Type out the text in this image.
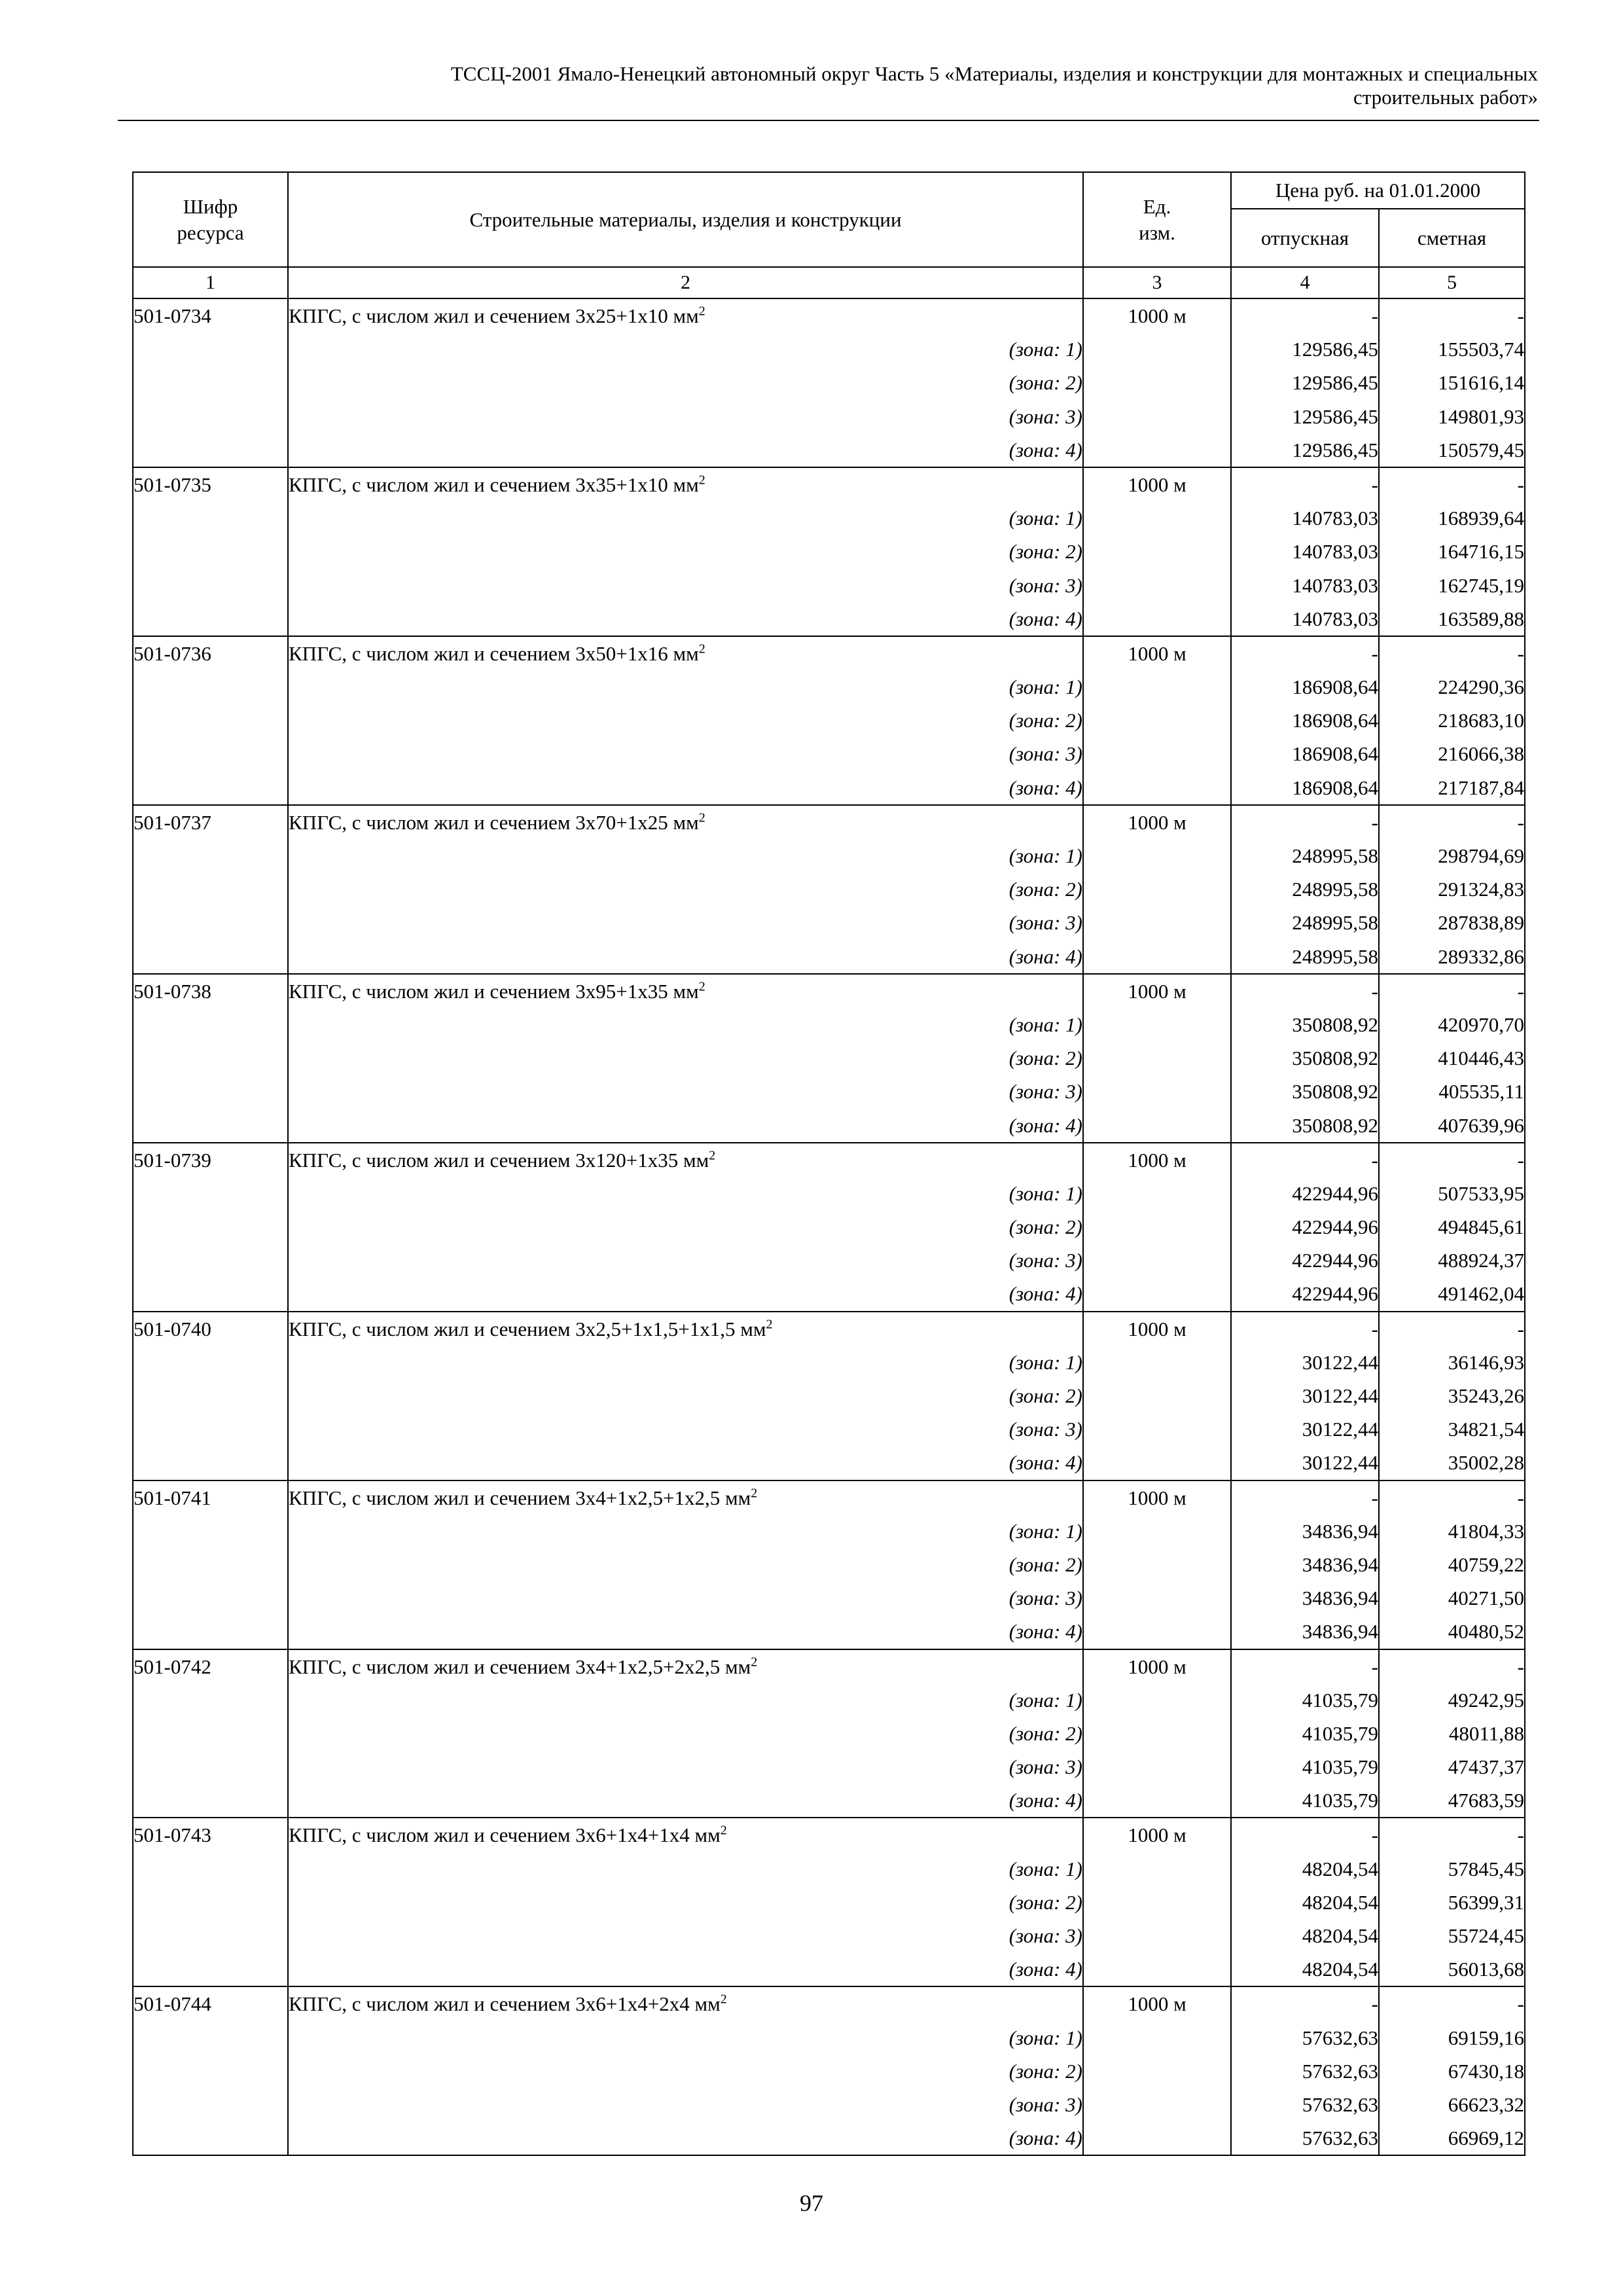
ТССЦ-2001 Ямало-Ненецкий автономный округ Часть 5 «Материалы, изделия и конструкции для монтажных и специальных
строительных работ»
Шифр ресурса	Строительные материалы, изделия и конструкции	Ед. изм.	Цена руб. на 01.01.2000	
			отпускная	сметная
1	2	3	4	5
501-0734	КПГС, с числом жил и сечением 3х25+1х10 $мм^2$	1000 м	-	-
	(зона: 1)		129586,45	155503,74
	(зона: 2)		129586,45	151616,14
	(зона: 3)		129586,45	149801,93
	(зона: 4)		129586,45	150579,45
501-0735	КПГС, с числом жил и сечением 3х35+1х10 $мм^2$	1000 м	-	-
	(зона: 1)		140783,03	168939,64
	(зона: 2)		140783,03	164716,15
	(зона: 3)		140783,03	162745,19
	(зона: 4)		140783,03	163589,88
501-0736	КПГС, с числом жил и сечением 3х50+1х16 $мм^2$	1000 м	-	-
	(зона: 1)		186908,64	224290,36
	(зона: 2)		186908,64	218683,10
	(зона: 3)		186908,64	216066,38
	(зона: 4)		186908,64	217187,84
501-0737	КПГС, с числом жил и сечением 3х70+1х25 $мм^2$	1000 м	-	-
	(зона: 1)		248995,58	298794,69
	(зона: 2)		248995,58	291324,83
	(зона: 3)		248995,58	287838,89
	(зона: 4)		248995,58	289332,86
501-0738	КПГС, с числом жил и сечением 3х95+1х35 $мм^2$	1000 м	-	-
	(зона: 1)		350808,92	420970,70
	(зона: 2)		350808,92	410446,43
	(зона: 3)		350808,92	405535,11
	(зона: 4)		350808,92	407639,96
501-0739	КПГС, с числом жил и сечением 3х120+1х35 $мм^2$	1000 м	-	-
	(зона: 1)		422944,96	507533,95
	(зона: 2)		422944,96	494845,61
	(зона: 3)		422944,96	488924,37
	(зона: 4)		422944,96	491462,04
501-0740	КПГС, с числом жил и сечением 3х2,5+1х1,5+1х1,5 $мм^2$	1000 м	-	-
	(зона: 1)		30122,44	36146,93
	(зона: 2)		30122,44	35243,26
	(зона: 3)		30122,44	34821,54
	(зона: 4)		30122,44	35002,28
501-0741	КПГС, с числом жил и сечением 3х4+1х2,5+1х2,5 $мм^2$	1000 м	-	-
	(зона: 1)		34836,94	41804,33
	(зона: 2)		34836,94	40759,22
	(зона: 3)		34836,94	40271,50
	(зона: 4)		34836,94	40480,52
501-0742	КПГС, с числом жил и сечением 3х4+1х2,5+2х2,5 $мм^2$	1000 м	-	-
	(зона: 1)		41035,79	49242,95
	(зона: 2)		41035,79	48011,88
	(зона: 3)		41035,79	47437,37
	(зона: 4)		41035,79	47683,59
501-0743	КПГС, с числом жил и сечением 3х6+1х4+1х4 $мм^2$	1000 м	-	-
	(зона: 1)		48204,54	57845,45
	(зона: 2)		48204,54	56399,31
	(зона: 3)		48204,54	55724,45
	(зона: 4)		48204,54	56013,68
501-0744	КПГС, с числом жил и сечением 3х6+1х4+2х4 $мм^2$	1000 м	-	-
	(зона: 1)		57632,63	69159,16
	(зона: 2)		57632,63	67430,18
	(зона: 3)		57632,63	66623,32
	(зона: 4)		57632,63	66969,12
97
